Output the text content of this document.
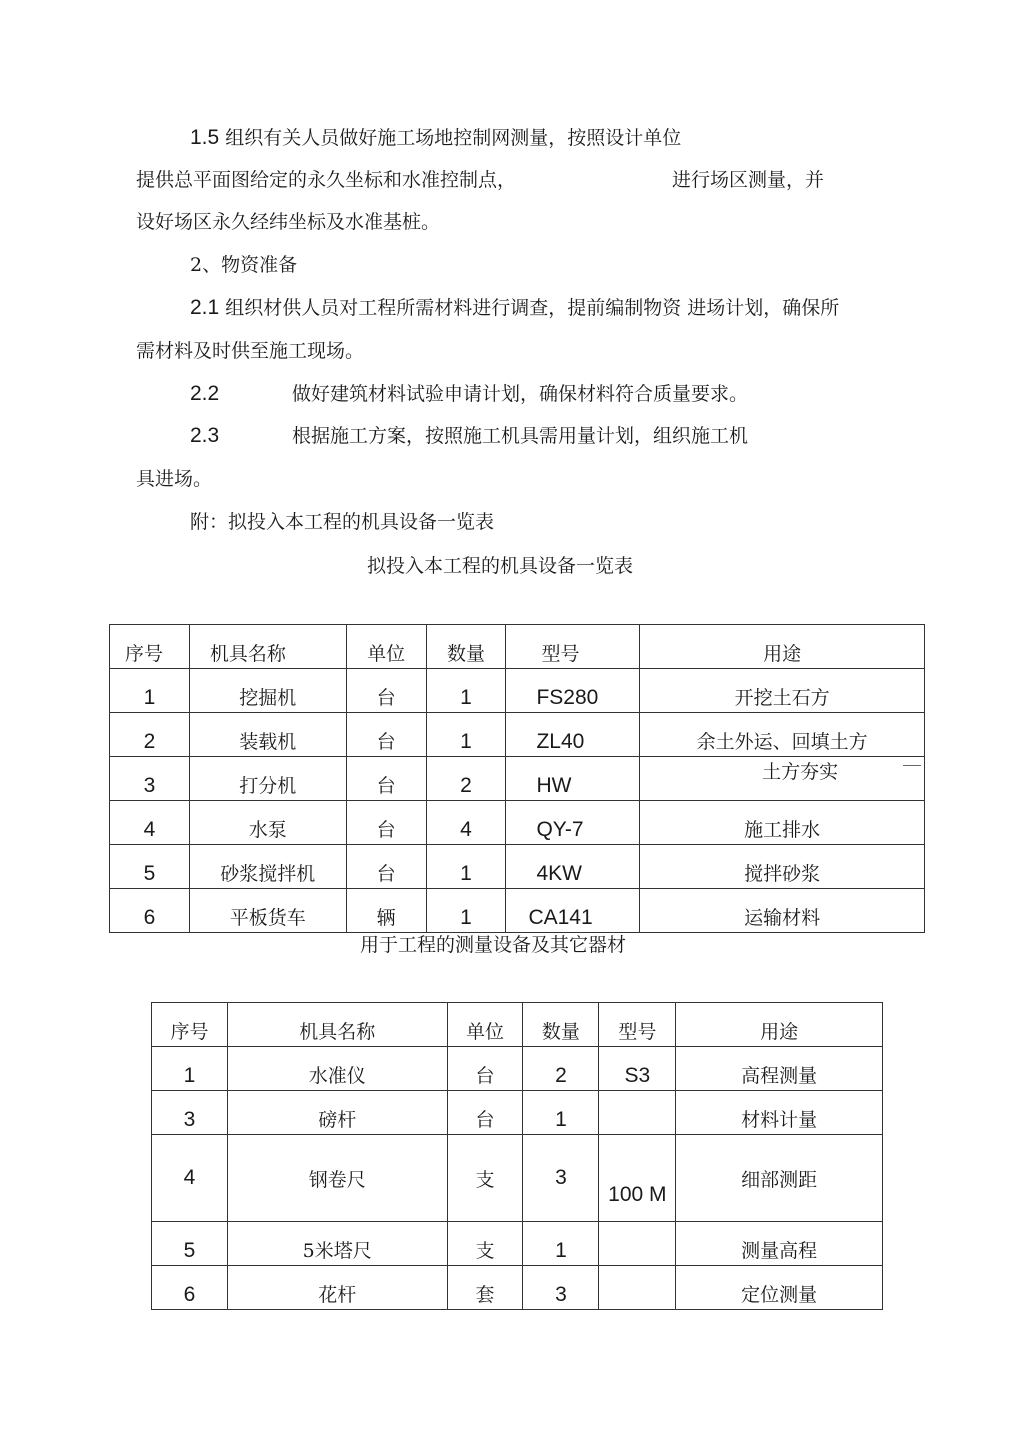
1.5 组织有关人员做好施工场地控制网测量，按照设计单位
提供总平面图给定的永久坐标和水准控制点，	进行场区测量，并
设好场区永久经纬坐标及水准基桩。
2、物资准备
2.1 组织材供人员对工程所需材料进行调查，提前编制物资 进场计划，确保所
需材料及时供至施工现场。
2.2	做好建筑材料试验申请计划，确保材料符合质量要求。
2.3	根据施工方案，按照施工机具需用量计划，组织施工机
具进场。
附：拟投入本工程的机具设备一览表
拟投入本工程的机具设备一览表
序号	机具名称	单位	数量	型号	用途

1	挖掘机	台	1	FS280	开挖土石方

2	装载机	台	1	ZL40	余土外运、回填土方

3	打分机	台	2	HW	土方夯实

4	水泵	台	4	QY-7	施工排水

5	砂浆搅拌机	台	1	4KW	搅拌砂浆

6	平板货车	辆	1	CA141	运输材料
用于工程的测量设备及其它器材
序号	机具名称	单位	数量	型号	用途

1	水准仪	台	2	S3	高程测量

3	磅杆	台	1		材料计量

4	钢卷尺	支	3	100 M	细部测距

5	5米塔尺	支	1		测量高程

6	花杆	套	3		定位测量
